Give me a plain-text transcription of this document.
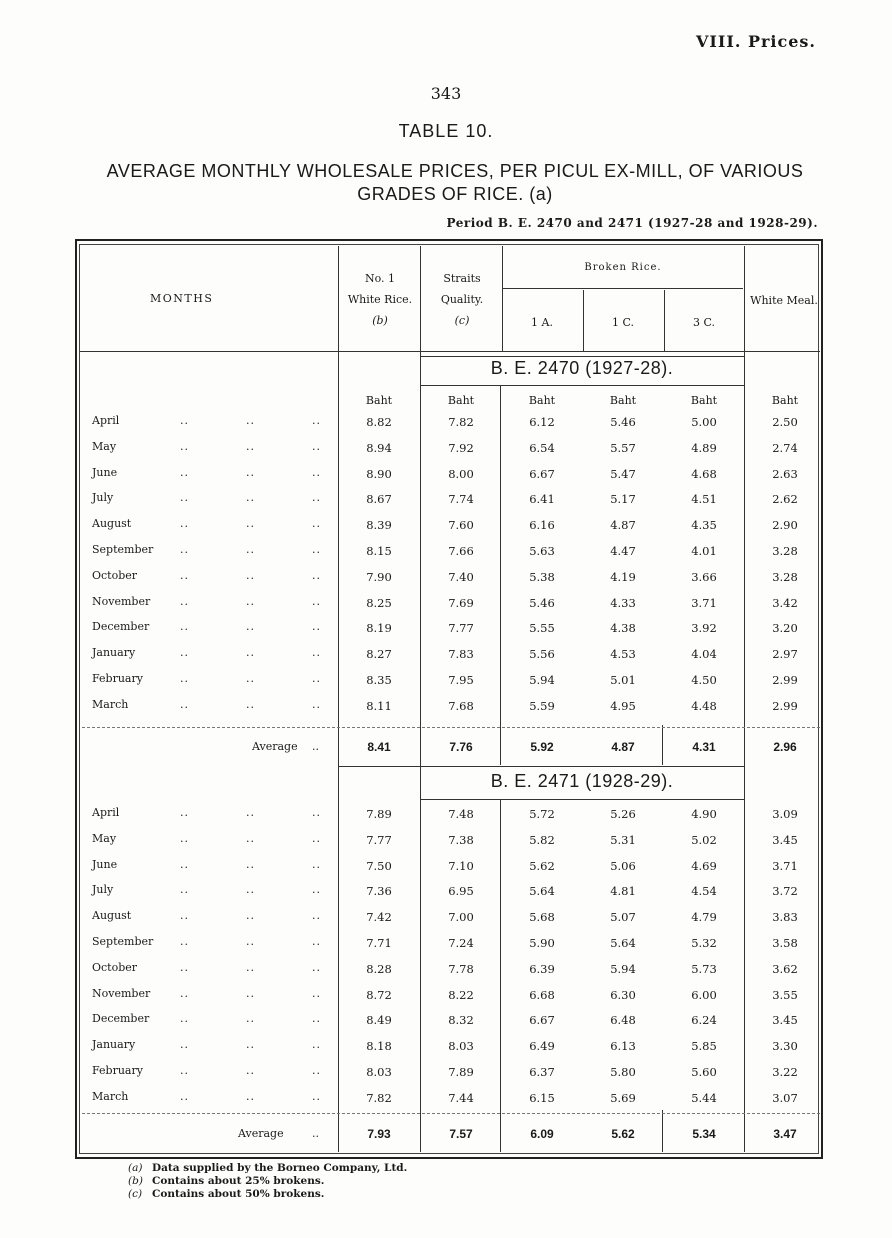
VIII. Prices.
343
TABLE 10.
AVERAGE MONTHLY WHOLESALE PRICES, PER PICUL EX-MILL, OF VARIOUS
GRADES OF RICE. (a)
Period B. E. 2470 and 2471 (1927-28 and 1928-29).
MONTHS
No. 1
White Rice.
(b)
Straits
Quality.
(c)
Broken Rice.
1 A.	1 C.	3 C.
White Meal.
B. E. 2470 (1927-28).
Baht	Baht	Baht	Baht	Baht	Baht
April	..	..	..	8.82	7.82	6.12	5.46	5.00	2.50
May	..	..	..	8.94	7.92	6.54	5.57	4.89	2.74
June	..	..	..	8.90	8.00	6.67	5.47	4.68	2.63
July	..	..	..	8.67	7.74	6.41	5.17	4.51	2.62
August	..	..	..	8.39	7.60	6.16	4.87	4.35	2.90
September ..	..	..	8.15	7.66	5.63	4.47	4.01	3.28
October	..	..	..	7.90	7.40	5.38	4.19	3.66	3.28
November	..	..	..	8.25	7.69	5.46	4.33	3.71	3.42
December	..	..	..	8.19	7.77	5.55	4.38	3.92	3.20
January	..	..	..	8.27	7.83	5.56	4.53	4.04	2.97
February	..	..	..	8.35	7.95	5.94	5.01	4.50	2.99
March	..	..	..	8.11	7.68	5.59	4.95	4.48	2.99
Average ..	8.41	7.76	5.92	4.87	4.31	2.96
B. E. 2471 (1928-29).
April	..	..	..	7.89	7.48	5.72	5.26	4.90	3.09
May	..	..	..	7.77	7.38	5.82	5.31	5.02	3.45
June	..	..	..	7.50	7.10	5.62	5.06	4.69	3.71
July	..	..	..	7.36	6.95	5.64	4.81	4.54	3.72
August	..	..	..	7.42	7.00	5.68	5.07	4.79	3.83
September ..	..	..	7.71	7.24	5.90	5.64	5.32	3.58
October	..	..	..	8.28	7.78	6.39	5.94	5.73	3.62
November	..	..	..	8.72	8.22	6.68	6.30	6.00	3.55
December	..	..	..	8.49	8.32	6.67	6.48	6.24	3.45
January	..	..	..	8.18	8.03	6.49	6.13	5.85	3.30
February	..	..	..	8.03	7.89	6.37	5.80	5.60	3.22
March	..	..	..	7.82	7.44	6.15	5.69	5.44	3.07
Average	..	7.93	7.57	6.09	5.62	5.34	3.47
(a) Data supplied by the Borneo Company, Ltd.
(b) Contains about 25% brokens.
(c) Contains about 50% brokens.
